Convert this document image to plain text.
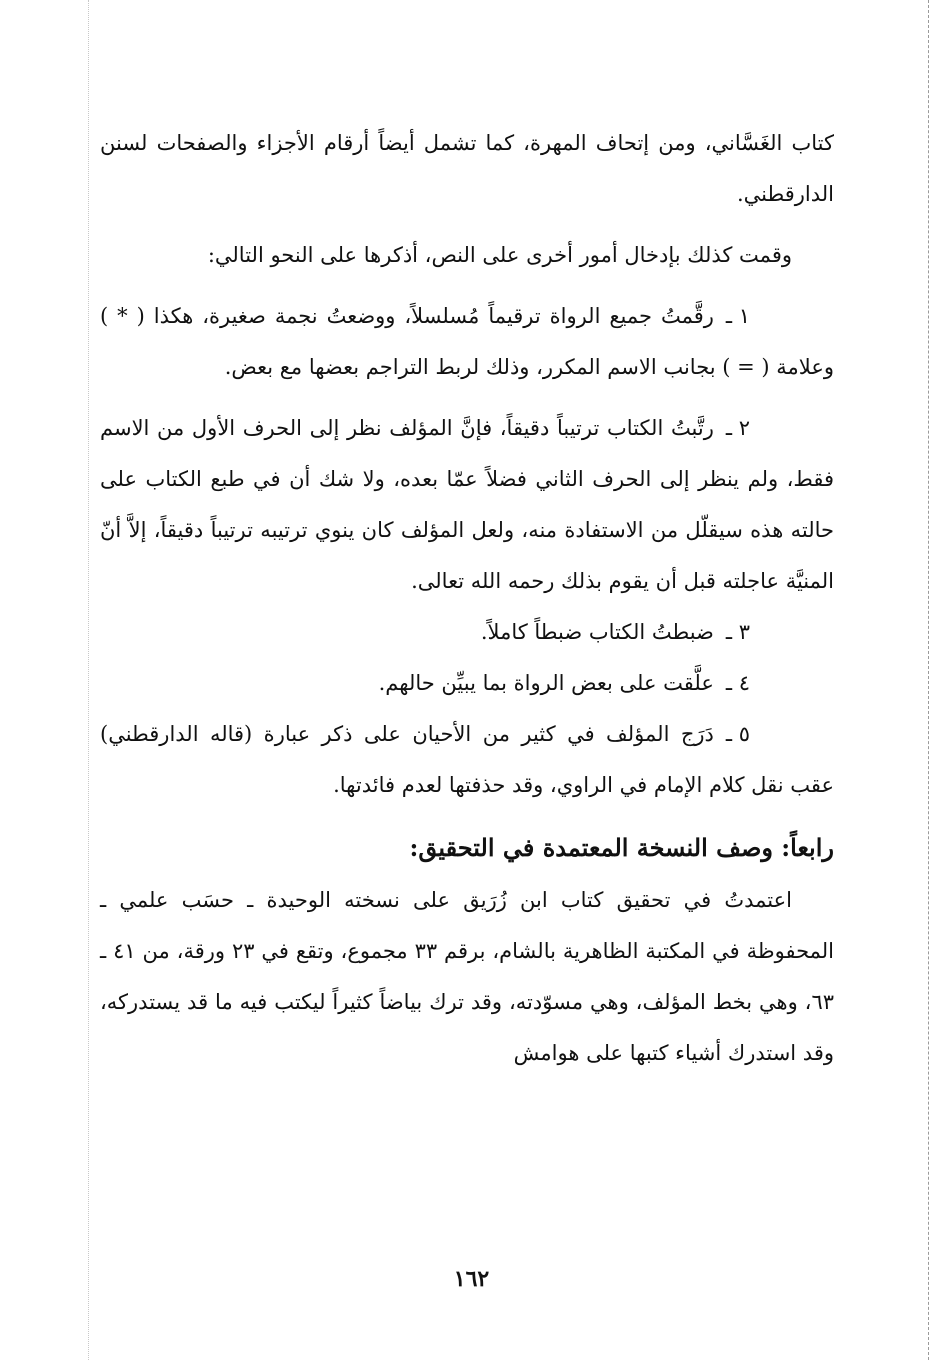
كتاب الغَسَّاني، ومن إتحاف المهرة، كما تشمل أيضاً أرقام الأجزاء والصفحات لسنن الدارقطني.

وقمت كذلك بإدخال أمور أخرى على النص، أذكرها على النحو التالي:

١ ـرقَّمتُ جميع الرواة ترقيماً مُسلسلاً، ووضعتُ نجمة صغيرة، هكذا ( * ) وعلامة ( = ) بجانب الاسم المكرر، وذلك لربط التراجم بعضها مع بعض.

٢ ـرتَّبتُ الكتاب ترتيباً دقيقاً، فإنَّ المؤلف نظر إلى الحرف الأول من الاسم فقط، ولم ينظر إلى الحرف الثاني فضلاً عمّا بعده، ولا شك أن في طبع الكتاب على حالته هذه سيقلّل من الاستفادة منه، ولعل المؤلف كان ينوي ترتيبه ترتيباً دقيقاً، إلاَّ أنّ المنيَّة عاجلته قبل أن يقوم بذلك رحمه الله تعالى.

٣ ـضبطتُ الكتاب ضبطاً كاملاً.

٤ ـعلَّقت على بعض الرواة بما يبيِّن حالهم.

٥ ـدَرَج المؤلف في كثير من الأحيان على ذكر عبارة (قاله الدارقطني) عقب نقل كلام الإمام في الراوي، وقد حذفتها لعدم فائدتها.

رابعاً: وصف النسخة المعتمدة في التحقيق:

اعتمدتُ في تحقيق كتاب ابن زُرَيق على نسخته الوحيدة ـ حسَب علمي ـ المحفوظة في المكتبة الظاهرية بالشام، برقم ٣٣ مجموع، وتقع في ٢٣ ورقة، من ٤١ ـ ٦٣، وهي بخط المؤلف، وهي مسوّدته، وقد ترك بياضاً كثيراً ليكتب فيه ما قد يستدركه، وقد استدرك أشياء كتبها على هوامش

١٦٢
